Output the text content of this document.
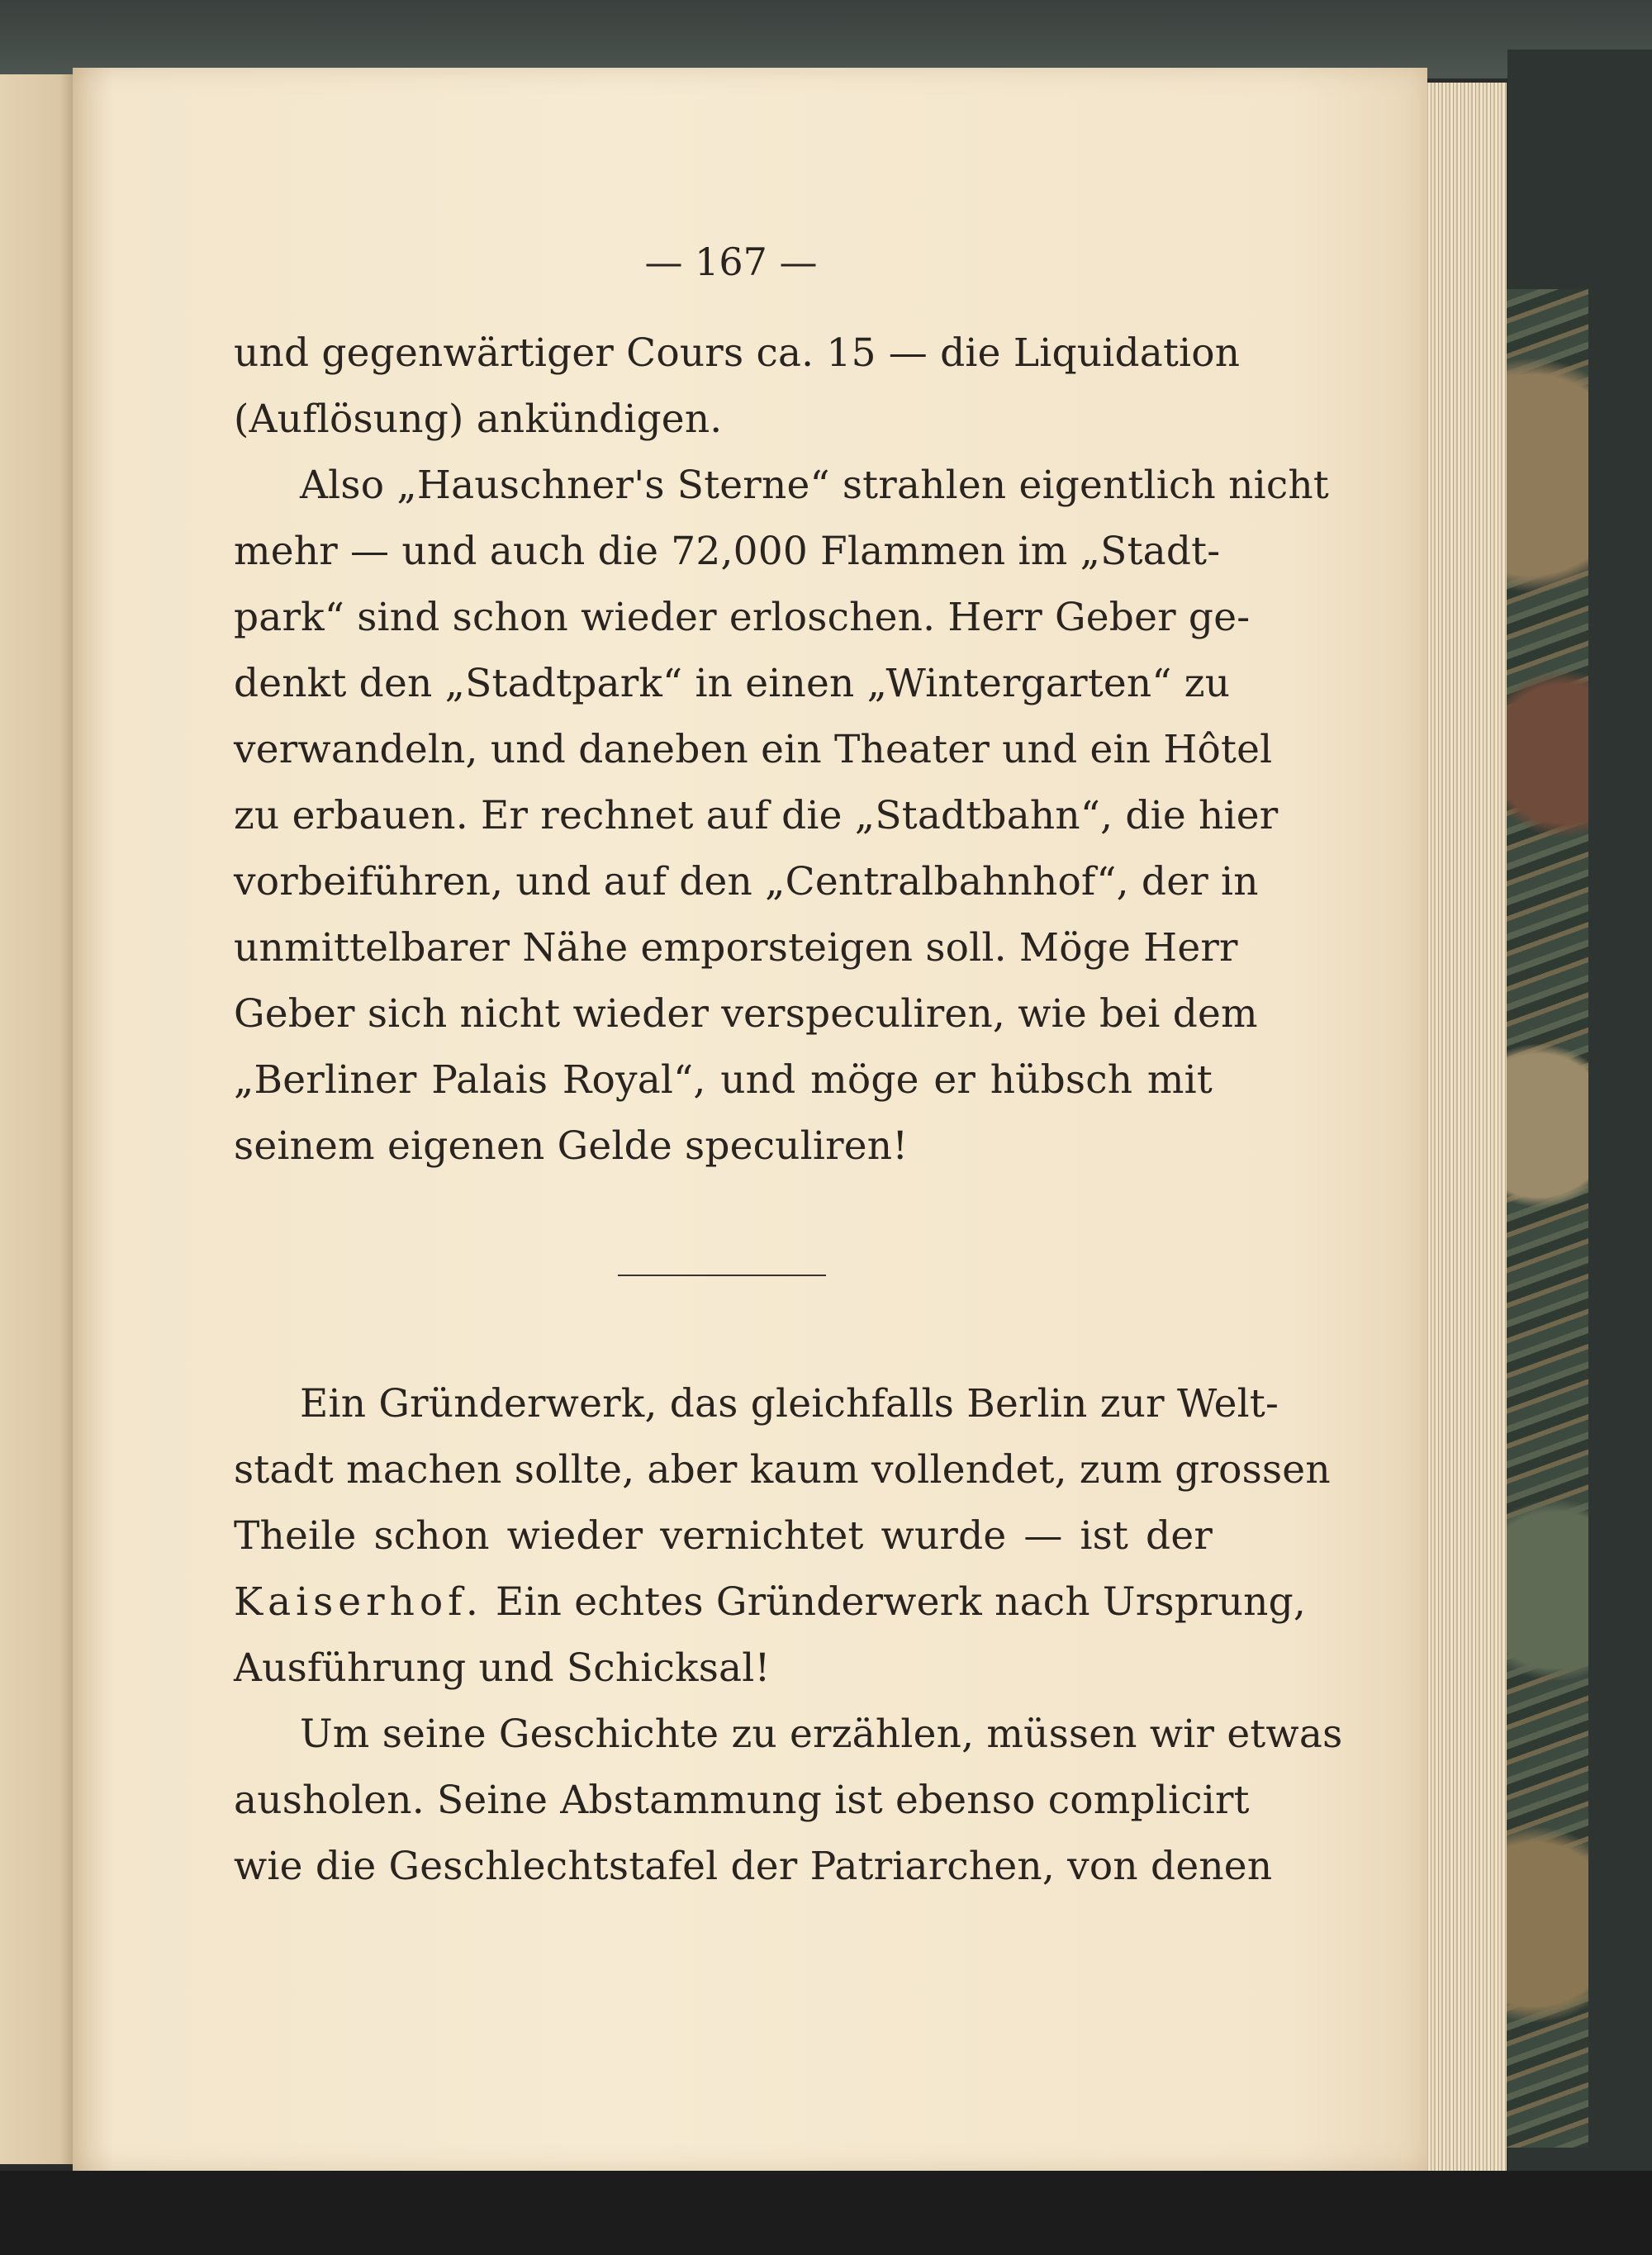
— 167 —
und gegenwärtiger Cours ca. 15 — die Liquidation
(Auflösung) ankündigen.
Also „Hauschner's Sterne“ strahlen eigentlich nicht
mehr — und auch die 72,000 Flammen im „Stadt-
park“ sind schon wieder erloschen. Herr Geber ge-
denkt den „Stadtpark“ in einen „Wintergarten“ zu
verwandeln, und daneben ein Theater und ein Hôtel
zu erbauen. Er rechnet auf die „Stadtbahn“, die hier
vorbeiführen, und auf den „Centralbahnhof“, der in
unmittelbarer Nähe emporsteigen soll. Möge Herr
Geber sich nicht wieder verspeculiren, wie bei dem
„Berliner Palais Royal“, und möge er hübsch mit
seinem eigenen Gelde speculiren!
Ein Gründerwerk, das gleichfalls Berlin zur Welt-
stadt machen sollte, aber kaum vollendet, zum grossen
Theile schon wieder vernichtet wurde — ist der
Kaiserhof. Ein echtes Gründerwerk nach Ursprung,
Ausführung und Schicksal!
Um seine Geschichte zu erzählen, müssen wir etwas
ausholen. Seine Abstammung ist ebenso complicirt
wie die Geschlechtstafel der Patriarchen, von denen
